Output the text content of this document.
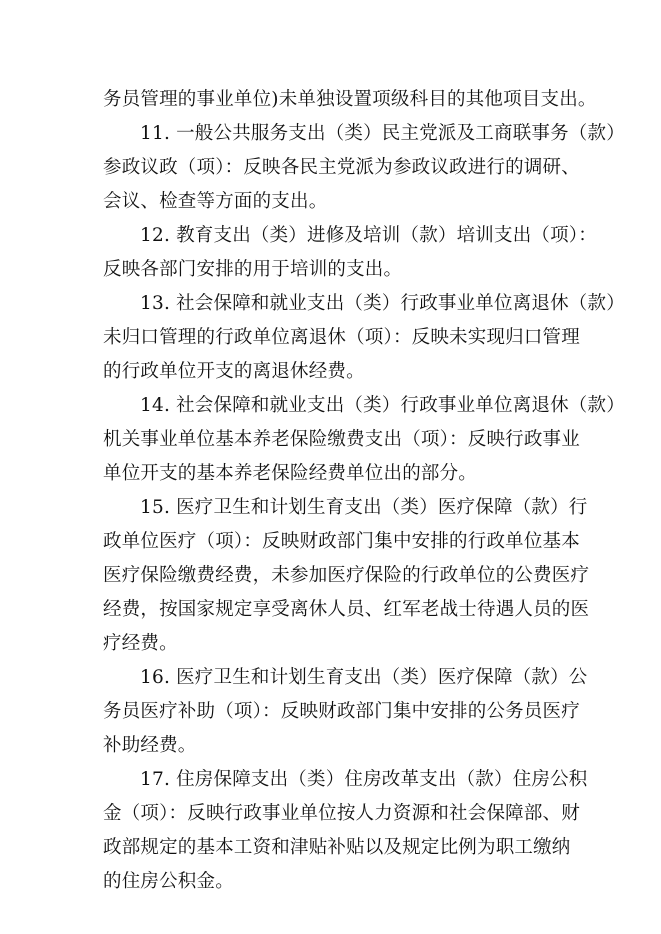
务员管理的事业单位)未单独设置项级科目的其他项目支出。
11. 一般公共服务支出（类）民主党派及工商联事务（款）
参政议政（项）：反映各民主党派为参政议政进行的调研、
会议、检查等方面的支出。
12. 教育支出（类）进修及培训（款）培训支出（项）：
反映各部门安排的用于培训的支出。
13. 社会保障和就业支出（类）行政事业单位离退休（款）
未归口管理的行政单位离退休（项）：反映未实现归口管理
的行政单位开支的离退休经费。
14. 社会保障和就业支出（类）行政事业单位离退休（款）
机关事业单位基本养老保险缴费支出（项）：反映行政事业
单位开支的基本养老保险经费单位出的部分。
15. 医疗卫生和计划生育支出（类）医疗保障（款）行
政单位医疗（项）：反映财政部门集中安排的行政单位基本
医疗保险缴费经费，未参加医疗保险的行政单位的公费医疗
经费，按国家规定享受离休人员、红军老战士待遇人员的医
疗经费。
16. 医疗卫生和计划生育支出（类）医疗保障（款）公
务员医疗补助（项）：反映财政部门集中安排的公务员医疗
补助经费。
17. 住房保障支出（类）住房改革支出（款）住房公积
金（项）：反映行政事业单位按人力资源和社会保障部、财
政部规定的基本工资和津贴补贴以及规定比例为职工缴纳
的住房公积金。
